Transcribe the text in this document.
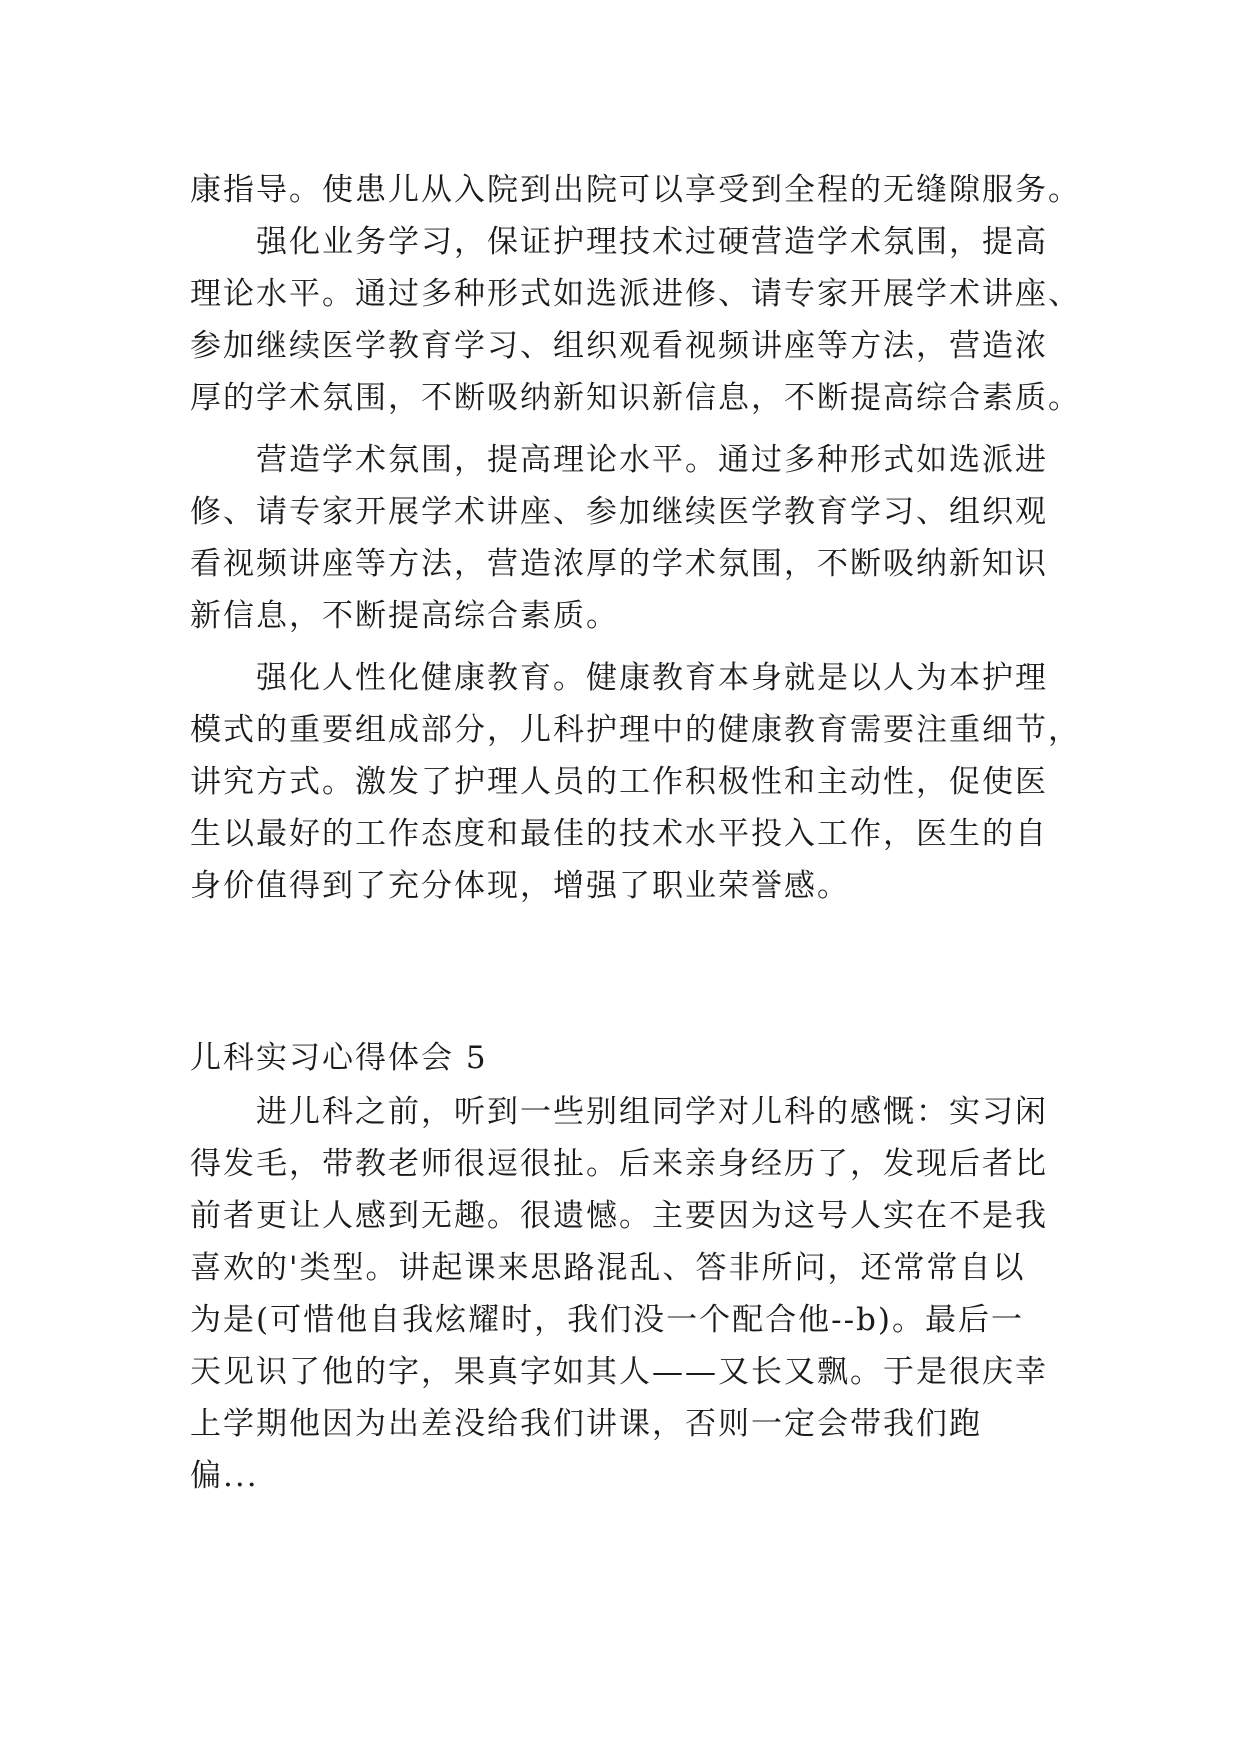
康指导。使患儿从入院到出院可以享受到全程的无缝隙服务。
强化业务学习，保证护理技术过硬营造学术氛围，提高
理论水平。通过多种形式如选派进修、请专家开展学术讲座、
参加继续医学教育学习、组织观看视频讲座等方法，营造浓
厚的学术氛围，不断吸纳新知识新信息，不断提高综合素质。
营造学术氛围，提高理论水平。通过多种形式如选派进
修、请专家开展学术讲座、参加继续医学教育学习、组织观
看视频讲座等方法，营造浓厚的学术氛围，不断吸纳新知识
新信息，不断提高综合素质。
强化人性化健康教育。健康教育本身就是以人为本护理
模式的重要组成部分，儿科护理中的健康教育需要注重细节，
讲究方式。激发了护理人员的工作积极性和主动性，促使医
生以最好的工作态度和最佳的技术水平投入工作，医生的自
身价值得到了充分体现，增强了职业荣誉感。
儿科实习心得体会 5
进儿科之前，听到一些别组同学对儿科的感慨：实习闲
得发毛，带教老师很逗很扯。后来亲身经历了，发现后者比
前者更让人感到无趣。很遗憾。主要因为这号人实在不是我
喜欢的'类型。讲起课来思路混乱、答非所问，还常常自以
为是(可惜他自我炫耀时，我们没一个配合他--b)。最后一
天见识了他的字，果真字如其人——又长又飘。于是很庆幸
上学期他因为出差没给我们讲课，否则一定会带我们跑
偏...
